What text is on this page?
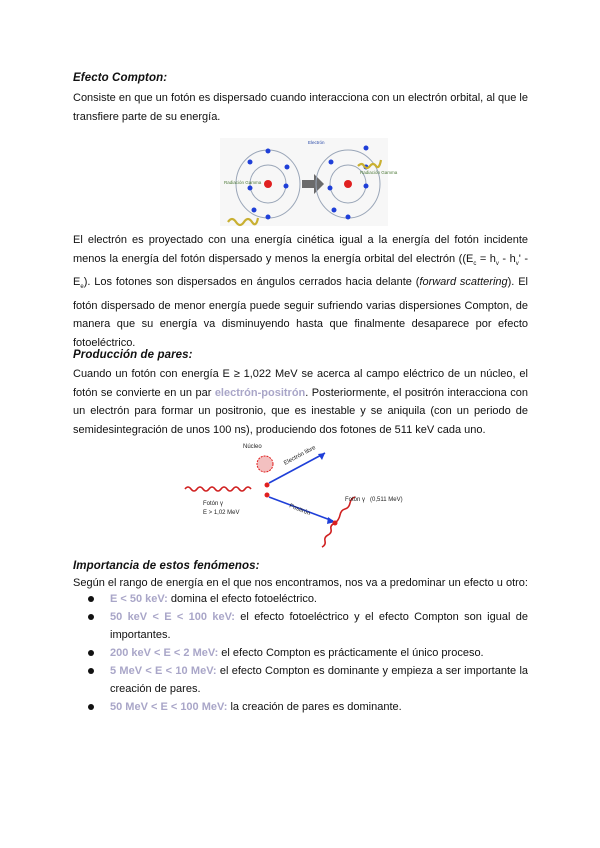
Efecto Compton:
Consiste en que un fotón es dispersado cuando interacciona con un electrón orbital, al que le transfiere parte de su energía.
Radiación Gamma
Electrón
Radiación Gamma
El electrón es proyectado con una energía cinética igual a la energía del fotón incidente menos la energía del fotón dispersado y menos la energía orbital del electrón ($(E_c = h_v - h_v' - E_e)$. Los fotones son dispersados en ángulos cerrados hacia delante (forward scattering). El fotón dispersado de menor energía puede seguir sufriendo varias dispersiones Compton, de manera que su energía va disminuyendo hasta que finalmente desaparece por efecto fotoeléctrico.
Producción de pares:
Cuando un fotón con energía E ≥ 1,022 MeV se acerca al campo eléctrico de un núcleo, el fotón se convierte en un par electrón-positrón. Posteriormente, el positrón interacciona con un electrón para formar un positronio, que es inestable y se aniquila (con un periodo de semidesintegración de unos 100 ns), produciendo dos fotones de 511 keV cada uno.
Núcleo
Fotón γ
E > 1,02 MeV
Electrón libre
Positrón
Fotón γ (0,511 MeV)
Importancia de estos fenómenos:
Según el rango de energía en el que nos encontramos, nos va a predominar un efecto u otro:
E < 50 keV: domina el efecto fotoeléctrico.
50 keV < E < 100 keV: el efecto fotoeléctrico y el efecto Compton son igual de importantes.
200 keV < E < 2 MeV: el efecto Compton es prácticamente el único proceso.
5 MeV < E < 10 MeV: el efecto Compton es dominante y empieza a ser importante la creación de pares.
50 MeV < E < 100 MeV: la creación de pares es dominante.
